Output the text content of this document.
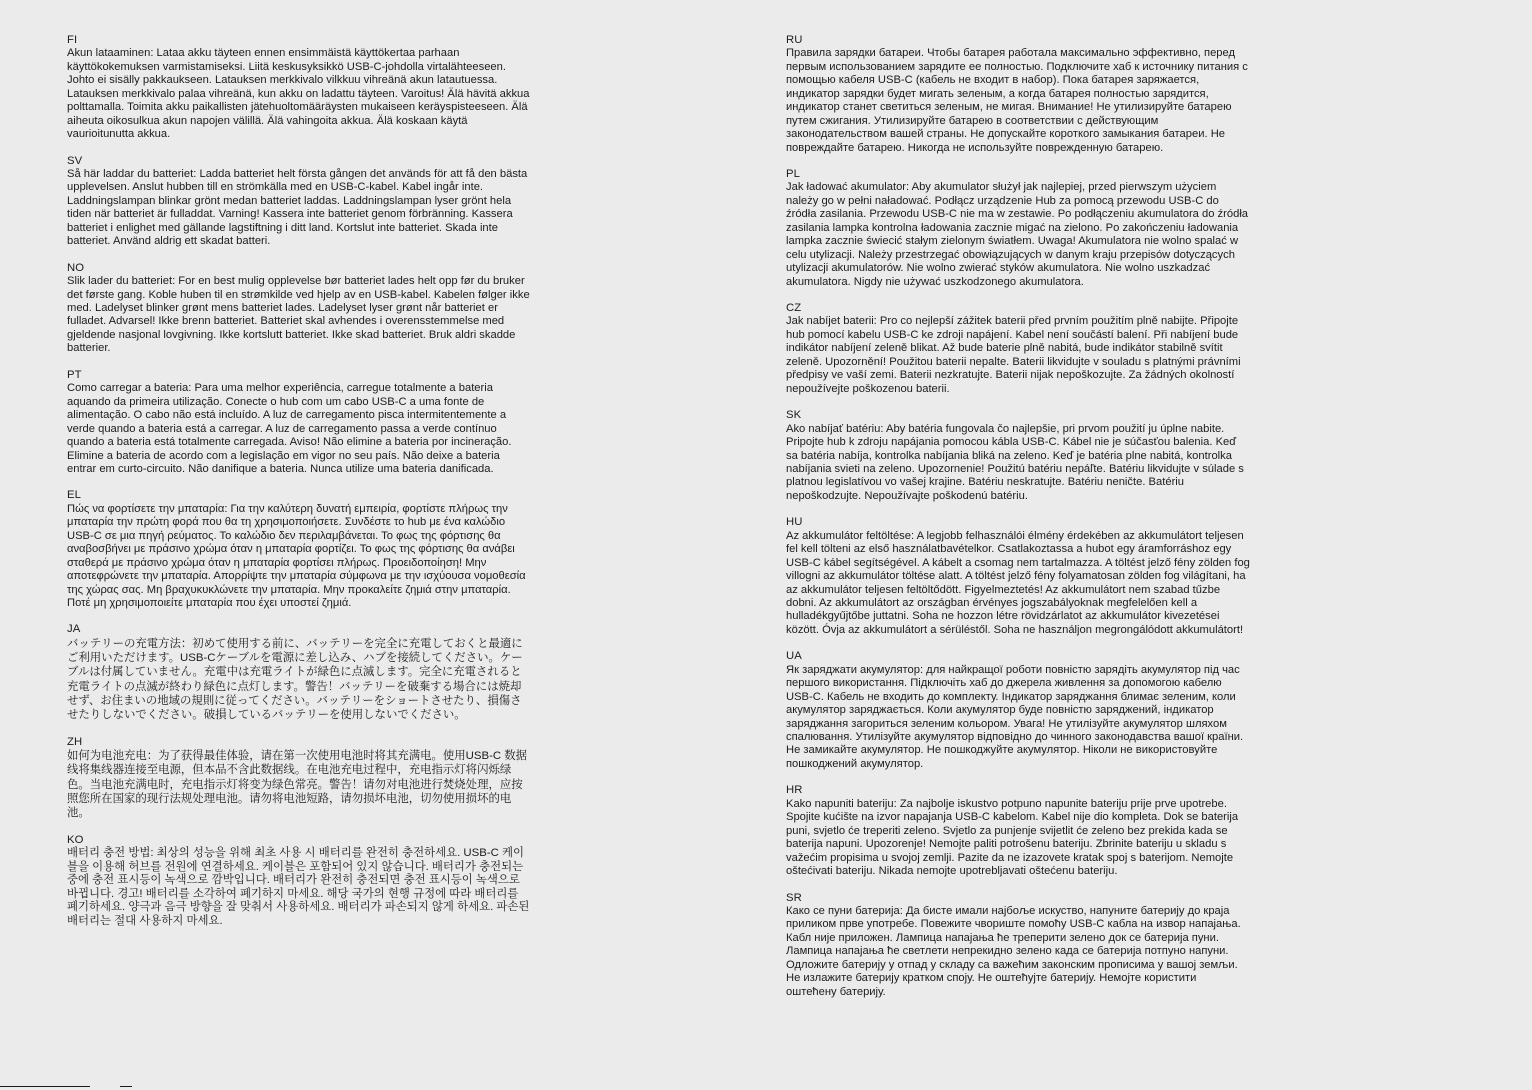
FI

Akun lataaminen: Lataa akku täyteen ennen ensimmäistä käyttökertaa parhaan käyttökokemuksen varmistamiseksi. Liitä keskusyksikkö USB-C-johdolla virtalähteeseen. Johto ei sisälly pakkaukseen. Latauksen merkkivalo vilkkuu vihreänä akun latautuessa. Latauksen merkkivalo palaa vihreänä, kun akku on ladattu täyteen. Varoitus! Älä hävitä akkua polttamalla. Toimita akku paikallisten jätehuoltomääräysten mukaiseen keräyspisteeseen. Älä aiheuta oikosulkua akun napojen välillä. Älä vahingoita akkua. Älä koskaan käytä vaurioitunutta akkua.

SV

Så här laddar du batteriet: Ladda batteriet helt första gången det används för att få den bästa upplevelsen. Anslut hubben till en strömkälla med en USB-C-kabel. Kabel ingår inte. Laddningslampan blinkar grönt medan batteriet laddas. Laddningslampan lyser grönt hela tiden när batteriet är fulladdat. Varning! Kassera inte batteriet genom förbränning. Kassera batteriet i enlighet med gällande lagstiftning i ditt land. Kortslut inte batteriet. Skada inte batteriet. Använd aldrig ett skadat batteri.

NO

Slik lader du batteriet: For en best mulig opplevelse bør batteriet lades helt opp før du bruker det første gang. Koble huben til en strømkilde ved hjelp av en USB-kabel. Kabelen følger ikke med. Ladelyset blinker grønt mens batteriet lades. Ladelyset lyser grønt når batteriet er fulladet. Advarsel! Ikke brenn batteriet. Batteriet skal avhendes i overensstemmelse med gjeldende nasjonal lovgivning. Ikke kortslutt batteriet. Ikke skad batteriet. Bruk aldri skadde batterier.

PT

Como carregar a bateria: Para uma melhor experiência, carregue totalmente a bateria aquando da primeira utilização. Conecte o hub com um cabo USB-C a uma fonte de alimentação. O cabo não está incluído. A luz de carregamento pisca intermitentemente a verde quando a bateria está a carregar. A luz de carregamento passa a verde contínuo quando a bateria está totalmente carregada. Aviso! Não elimine a bateria por incineração. Elimine a bateria de acordo com a legislação em vigor no seu país. Não deixe a bateria entrar em curto-circuito. Não danifique a bateria. Nunca utilize uma bateria danificada.

EL

Πώς να φορτίσετε την μπαταρία: Για την καλύτερη δυνατή εμπειρία, φορτίστε πλήρως την μπαταρία την πρώτη φορά που θα τη χρησιμοποιήσετε. Συνδέστε το hub με ένα καλώδιο USB-C σε μια πηγή ρεύματος. Το καλώδιο δεν περιλαμβάνεται. Το φως της φόρτισης θα αναβοσβήνει με πράσινο χρώμα όταν η μπαταρία φορτίζει. Το φως της φόρτισης θα ανάβει σταθερά με πράσινο χρώμα όταν η μπαταρία φορτίσει πλήρως. Προειδοποίηση! Μην αποτεφρώνετε την μπαταρία. Απορρίψτε την μπαταρία σύμφωνα με την ισχύουσα νομοθεσία της χώρας σας. Μη βραχυκυκλώνετε την μπαταρία. Μην προκαλείτε ζημιά στην μπαταρία. Ποτέ μη χρησιμοποιείτε μπαταρία που έχει υποστεί ζημιά.

JA

バッテリーの充電方法：初めて使用する前に、バッテリーを完全に充電しておくと最適にご利用いただけます。USB-Cケーブルを電源に差し込み、ハブを接続してください。ケーブルは付属していません。充電中は充電ライトが緑色に点滅します。完全に充電されると充電ライトの点滅が終わり緑色に点灯します。警告！バッテリーを破棄する場合には焼却せず、お住まいの地域の規則に従ってください。バッテリーをショートさせたり、損傷させたりしないでください。破損しているバッテリーを使用しないでください。

ZH

如何为电池充电：为了获得最佳体验，请在第一次使用电池时将其充满电。使用USB-C 数据线将集线器连接至电源，但本品不含此数据线。在电池充电过程中，充电指示灯将闪烁绿色。当电池充满电时，充电指示灯将变为绿色常亮。警告！请勿对电池进行焚烧处理，应按照您所在国家的现行法规处理电池。请勿将电池短路，请勿损坏电池，切勿使用损坏的电池。

KO

배터리 충전 방법: 최상의 성능을 위해 최초 사용 시 배터리를 완전히 충전하세요. USB-C 케이블을 이용해 허브를 전원에 연결하세요. 케이블은 포함되어 있지 않습니다. 배터리가 충전되는 중에 충전 표시등이 녹색으로 깜박입니다. 배터리가 완전히 충전되면 충전 표시등이 녹색으로 바뀝니다. 경고! 배터리를 소각하여 폐기하지 마세요. 해당 국가의 현행 규정에 따라 배터리를 폐기하세요. 양극과 음극 방향을 잘 맞춰서 사용하세요. 배터리가 파손되지 않게 하세요. 파손된 배터리는 절대 사용하지 마세요.

RU

Правила зарядки батареи. Чтобы батарея работала максимально эффективно, перед первым использованием зарядите ее полностью. Подключите хаб к источнику питания с помощью кабеля USB-C (кабель не входит в набор). Пока батарея заряжается, индикатор зарядки будет мигать зеленым, а когда батарея полностью зарядится, индикатор станет светиться зеленым, не мигая. Внимание! Не утилизируйте батарею путем сжигания. Утилизируйте батарею в соответствии с действующим законодательством вашей страны. Не допускайте короткого замыкания батареи. Не повреждайте батарею. Никогда не используйте поврежденную батарею.

PL

Jak ładować akumulator: Aby akumulator służył jak najlepiej, przed pierwszym użyciem należy go w pełni naładować. Podłącz urządzenie Hub za pomocą przewodu USB-C do źródła zasilania. Przewodu USB-C nie ma w zestawie. Po podłączeniu akumulatora do źródła zasilania lampka kontrolna ładowania zacznie migać na zielono. Po zakończeniu ładowania lampka zacznie świecić stałym zielonym światłem. Uwaga! Akumulatora nie wolno spalać w celu utylizacji. Należy przestrzegać obowiązujących w danym kraju przepisów dotyczących utylizacji akumulatorów. Nie wolno zwierać styków akumulatora. Nie wolno uszkadzać akumulatora. Nigdy nie używać uszkodzonego akumulatora.

CZ

Jak nabíjet baterii: Pro co nejlepší zážitek baterii před prvním použitím plně nabijte. Připojte hub pomocí kabelu USB-C ke zdroji napájení. Kabel není součástí balení. Při nabíjení bude indikátor nabíjení zeleně blikat. Až bude baterie plně nabitá, bude indikátor stabilně svítit zeleně. Upozornění! Použitou baterii nepalte. Baterii likvidujte v souladu s platnými právními předpisy ve vaší zemi. Baterii nezkratujte. Baterii nijak nepoškozujte. Za žádných okolností nepoužívejte poškozenou baterii.

SK

Ako nabíjať batériu: Aby batéria fungovala čo najlepšie, pri prvom použití ju úplne nabite. Pripojte hub k zdroju napájania pomocou kábla USB-C. Kábel nie je súčasťou balenia. Keď sa batéria nabíja, kontrolka nabíjania bliká na zeleno. Keď je batéria plne nabitá, kontrolka nabíjania svieti na zeleno. Upozornenie! Použitú batériu nepáľte. Batériu likvidujte v súlade s platnou legislatívou vo vašej krajine. Batériu neskratujte. Batériu neničte. Batériu nepoškodzujte. Nepoužívajte poškodenú batériu.

HU

Az akkumulátor feltöltése: A legjobb felhasználói élmény érdekében az akkumulátort teljesen fel kell tölteni az első használatbavételkor. Csatlakoztassa a hubot egy áramforráshoz egy USB-C kábel segítségével. A kábelt a csomag nem tartalmazza. A töltést jelző fény zölden fog villogni az akkumulátor töltése alatt. A töltést jelző fény folyamatosan zölden fog világítani, ha az akkumulátor teljesen feltöltődött. Figyelmeztetés! Az akkumulátort nem szabad tűzbe dobni. Az akkumulátort az országban érvényes jogszabályoknak megfelelően kell a hulladékgyűjtőbe juttatni. Soha ne hozzon létre rövidzárlatot az akkumulátor kivezetései között. Óvja az akkumulátort a sérüléstől. Soha ne használjon megrongálódott akkumulátort!

UA

Як заряджати акумулятор: для найкращої роботи повністю зарядіть акумулятор під час першого використання. Підключіть хаб до джерела живлення за допомогою кабелю USB-C. Кабель не входить до комплекту. Індикатор заряджання блимає зеленим, коли акумулятор заряджається. Коли акумулятор буде повністю заряджений, індикатор заряджання загориться зеленим кольором. Увага! Не утилізуйте акумулятор шляхом спалювання. Утилізуйте акумулятор відповідно до чинного законодавства вашої країни. Не замикайте акумулятор. Не пошкоджуйте акумулятор. Ніколи не використовуйте пошкоджений акумулятор.

HR

Kako napuniti bateriju: Za najbolje iskustvo potpuno napunite bateriju prije prve upotrebe. Spojite kućište na izvor napajanja USB-C kabelom. Kabel nije dio kompleta. Dok se baterija puni, svjetlo će treperiti zeleno. Svjetlo za punjenje svijetlit će zeleno bez prekida kada se baterija napuni. Upozorenje! Nemojte paliti potrošenu bateriju. Zbrinite bateriju u skladu s važećim propisima u svojoj zemlji. Pazite da ne izazovete kratak spoj s baterijom. Nemojte oštećivati bateriju. Nikada nemojte upotrebljavati oštećenu bateriju.

SR

Како се пуни батерија: Да бисте имали најбоље искуство, напуните батерију до краја приликом прве употребе. Повежите чвориште помоћу USB-C кабла на извор напајања. Кабл није приложен. Лампица напајања ће треперити зелено док се батерија пуни. Лампица напајања ће светлети непрекидно зелено када се батерија потпуно напуни. Одложите батерију у отпад у складу са важећим законским прописима у вашој земљи. Не излажите батерију кратком споју. Не оштећујте батерију. Немојте користити оштећену батерију.
